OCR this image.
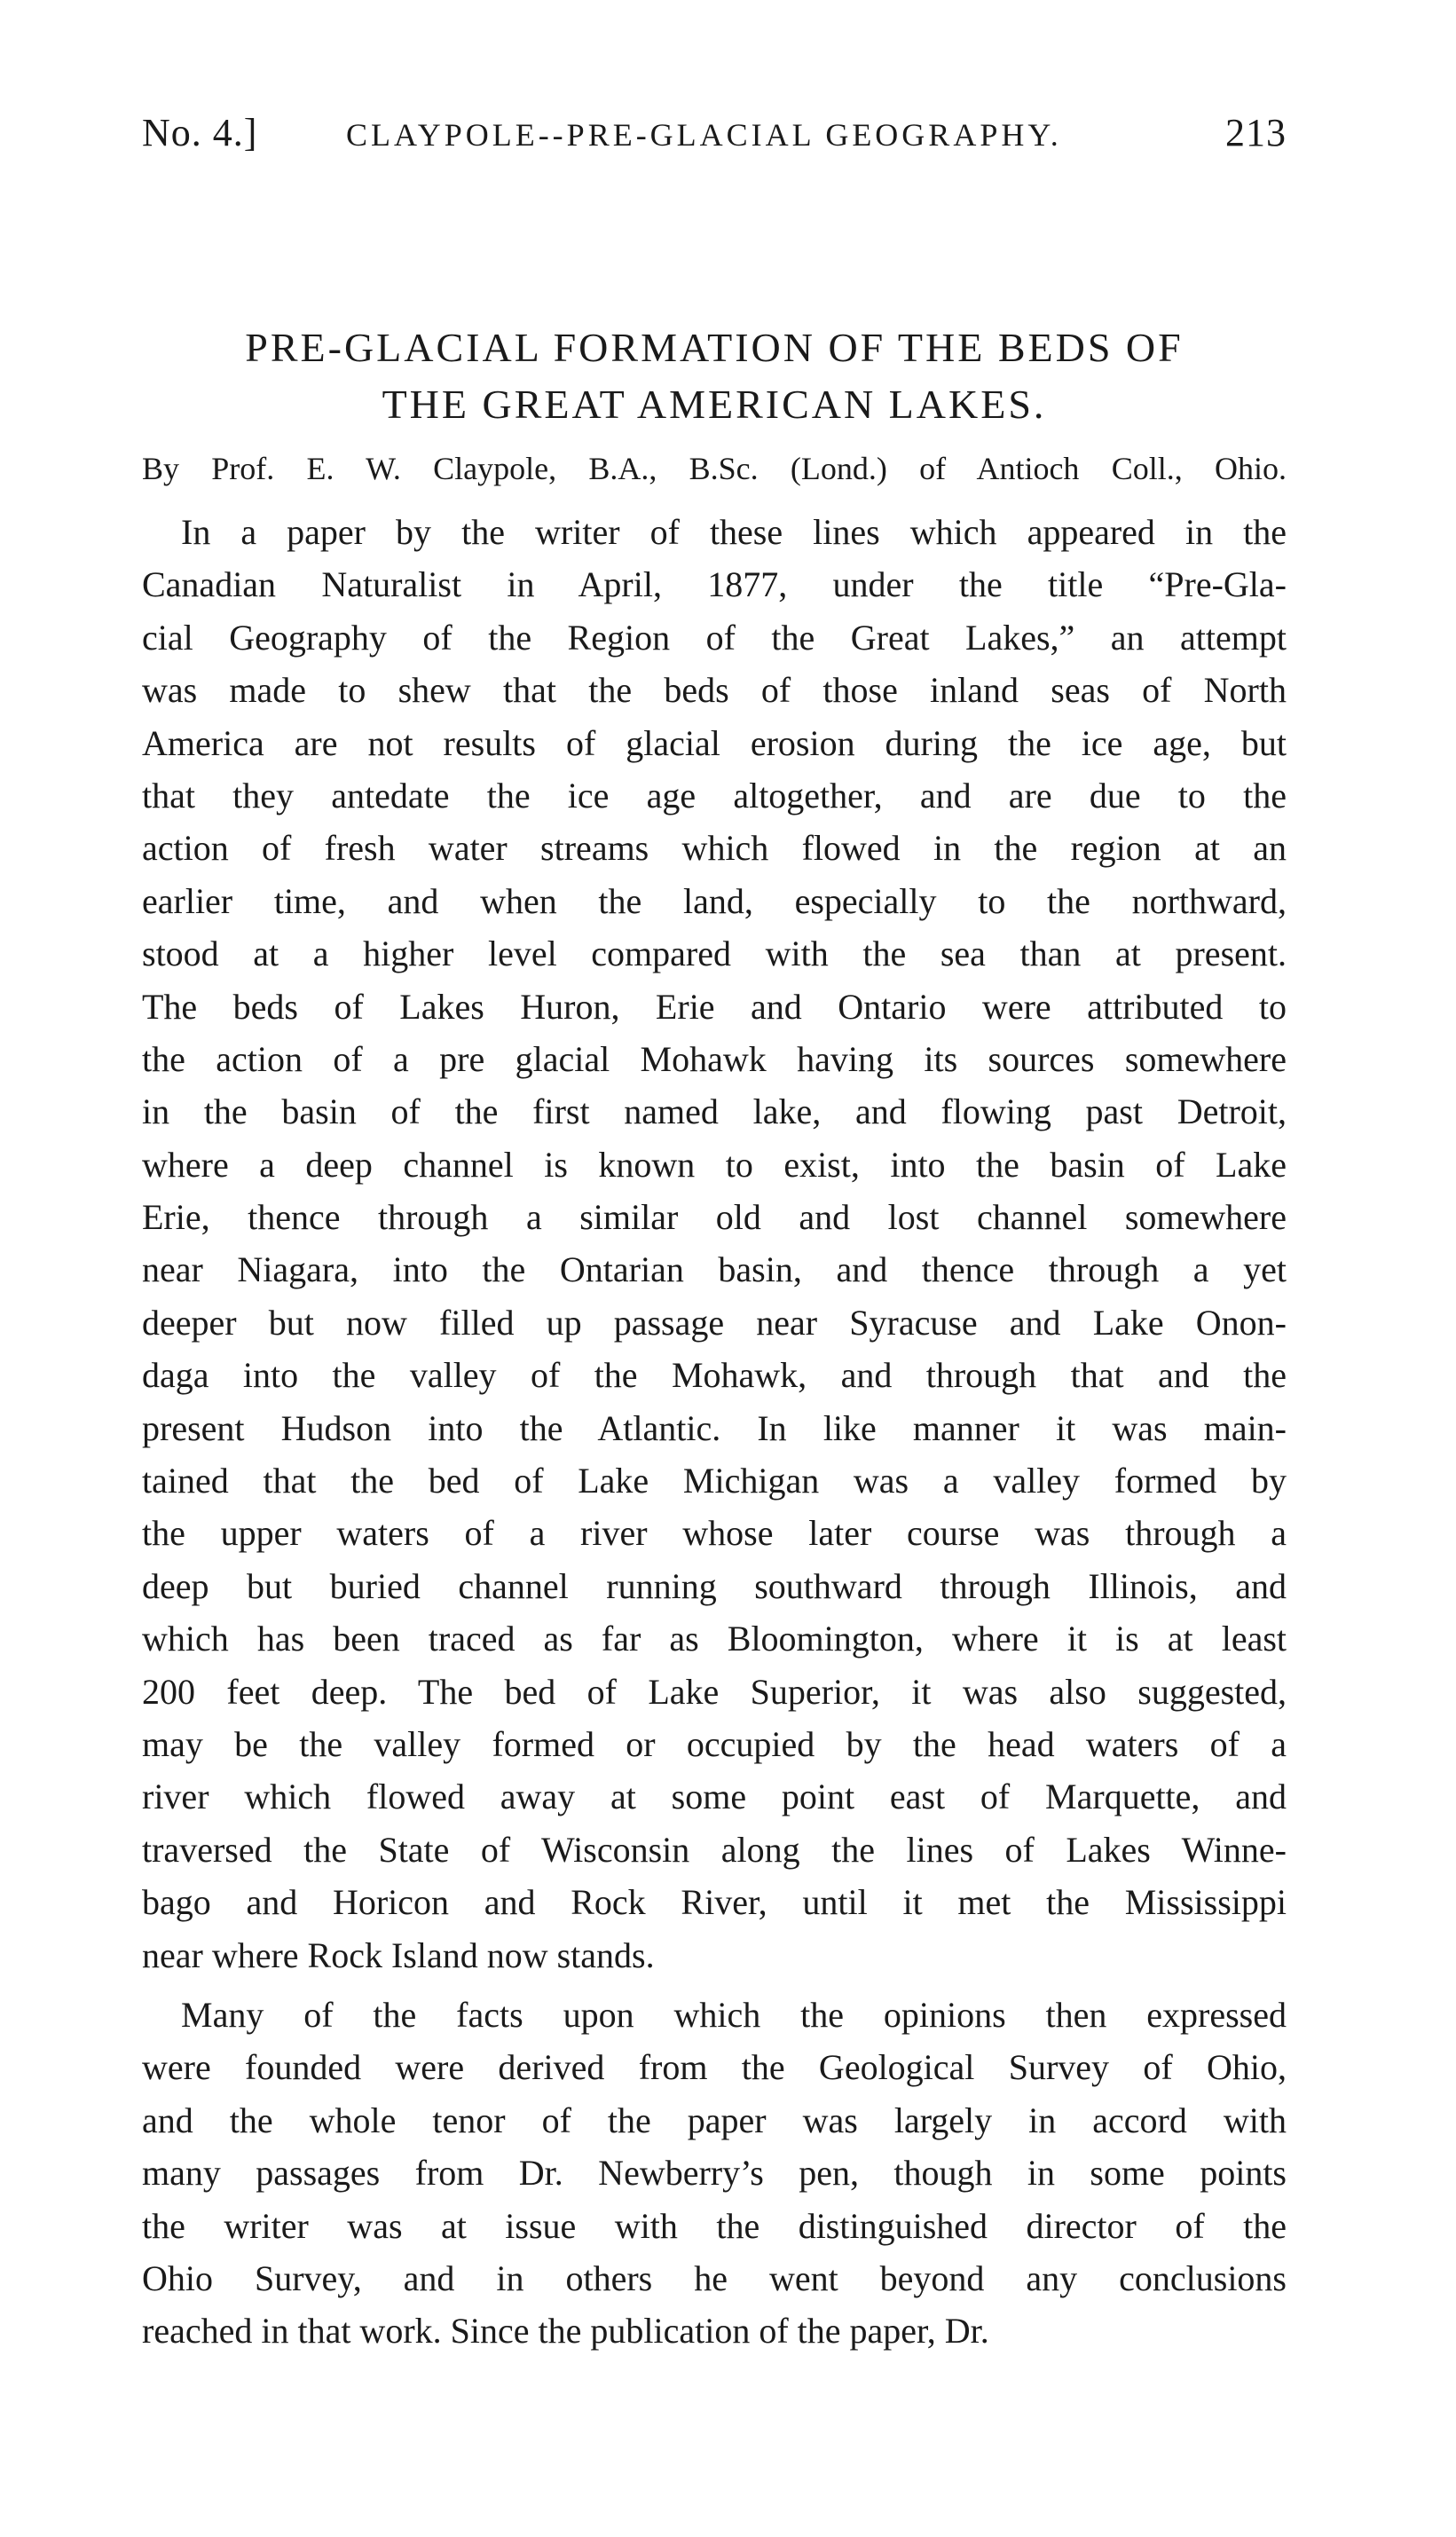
No. 4.]	CLAYPOLE--PRE-GLACIAL GEOGRAPHY.	213
PRE-GLACIAL FORMATION OF THE BEDS OF
THE GREAT AMERICAN LAKES.
By Prof. E. W. Claypole, B.A., B.Sc. (Lond.) of Antioch Coll., Ohio.
In a paper by the writer of these lines which appeared in the
Canadian Naturalist in April, 1877, under the title “Pre-Gla-
cial Geography of the Region of the Great Lakes,” an attempt
was made to shew that the beds of those inland seas of North
America are not results of glacial erosion during the ice age, but
that they antedate the ice age altogether, and are due to the
action of fresh water streams which flowed in the region at an
earlier time, and when the land, especially to the northward,
stood at a higher level compared with the sea than at present.
The beds of Lakes Huron, Erie and Ontario were attributed to
the action of a pre glacial Mohawk having its sources somewhere
in the basin of the first named lake, and flowing past Detroit,
where a deep channel is known to exist, into the basin of Lake
Erie, thence through a similar old and lost channel somewhere
near Niagara, into the Ontarian basin, and thence through a yet
deeper but now filled up passage near Syracuse and Lake Onon-
daga into the valley of the Mohawk, and through that and the
present Hudson into the Atlantic. In like manner it was main-
tained that the bed of Lake Michigan was a valley formed by
the upper waters of a river whose later course was through a
deep but buried channel running southward through Illinois, and
which has been traced as far as Bloomington, where it is at least
200 feet deep. The bed of Lake Superior, it was also suggested,
may be the valley formed or occupied by the head waters of a
river which flowed away at some point east of Marquette, and
traversed the State of Wisconsin along the lines of Lakes Winne-
bago and Horicon and Rock River, until it met the Mississippi
near where Rock Island now stands.
Many of the facts upon which the opinions then expressed
were founded were derived from the Geological Survey of Ohio,
and the whole tenor of the paper was largely in accord with
many passages from Dr. Newberry’s pen, though in some points
the writer was at issue with the distinguished director of the
Ohio Survey, and in others he went beyond any conclusions
reached in that work. Since the publication of the paper, Dr.
